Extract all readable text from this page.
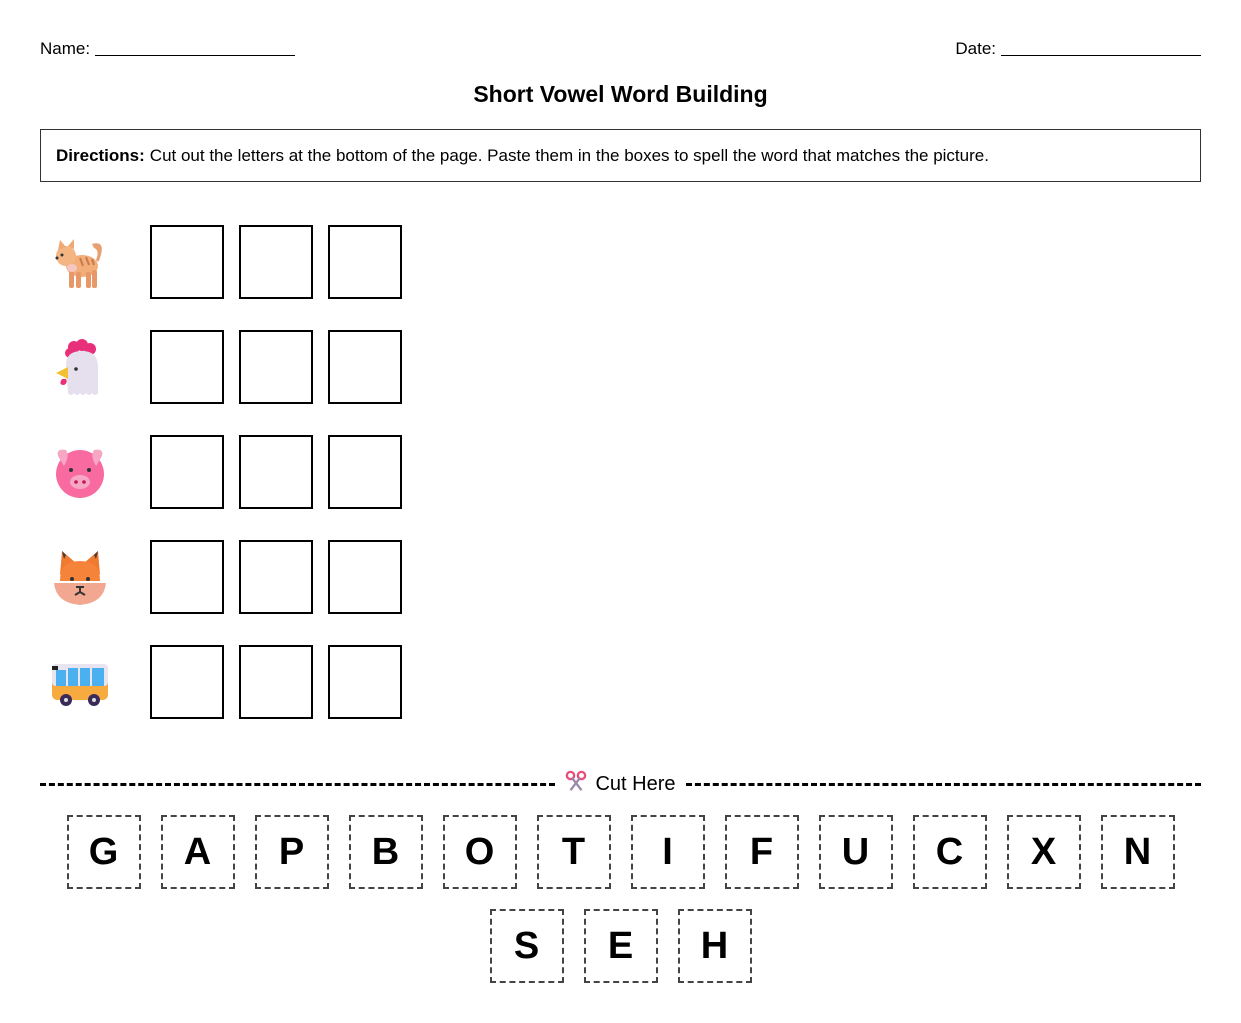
Name:	Date:
Short Vowel Word Building
Directions: Cut out the letters at the bottom of the page. Paste them in the boxes to spell the word that matches the picture.
Cut Here
G	A	P	B	O	T	I	F	U	C	X	N
S	E	H
